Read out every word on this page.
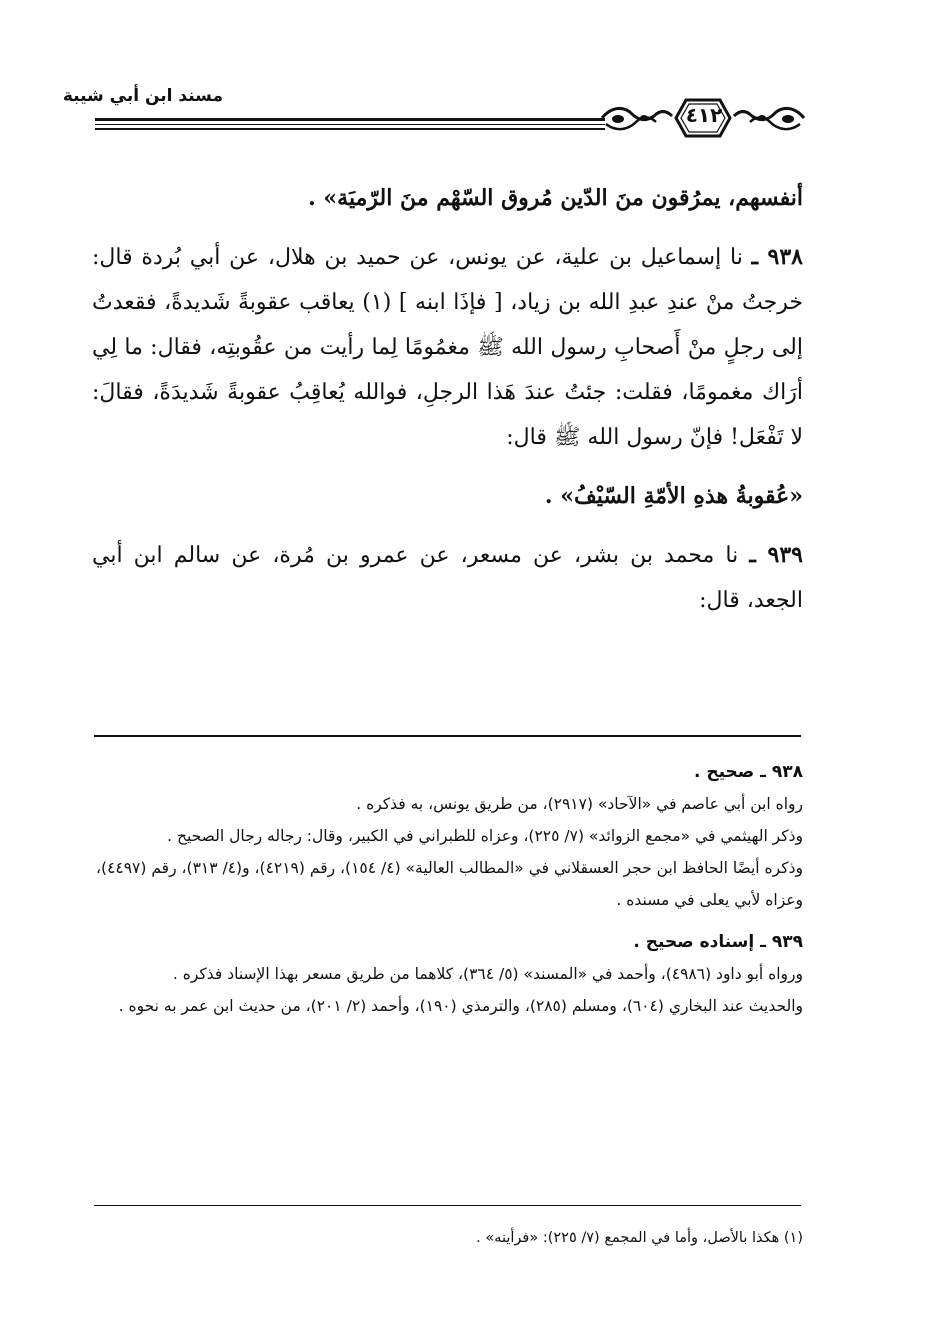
مسند ابن أبي شيبة
٤١٢

أنفسهم، يمرُقون منَ الدّين مُروق السّهْم منَ الرّميَة» .

٩٣٨ ـ نا إسماعيل بن علية، عن يونس، عن حميد بن هلال، عن أبي بُردة قال: خرجتُ منْ عندِ عبدِ الله بن زياد، [ فإذَا ابنه ] (١) يعاقب عقوبةً شَديدةً، فقعدتُ إلى رجلٍ منْ أَصحابِ رسول الله ﷺ مغمُومًا لِما رأيت من عقُوبتِه، فقال: ما لِي أرَاك مغمومًا، فقلت: جئتُ عندَ هَذا الرجلِ، فوالله يُعاقِبُ عقوبةً شَديدَةً، فقالَ: لا تَفْعَل! فإنّ رسول الله ﷺ قال:

«عُقوبةُ هذهِ الأمّةِ السّيْفُ» .

٩٣٩ ـ نا محمد بن بشر، عن مسعر، عن عمرو بن مُرة، عن سالم ابن أبي الجعد، قال:

٩٣٨ ـ صحيح .

رواه ابن أبي عاصم في «الآحاد» (٢٩١٧)، من طريق يونس، به فذكره .

وذكر الهيثمي في «مجمع الزوائد» (٧/ ٢٢٥)، وعزاه للطبراني في الكبير، وقال: رجاله رجال الصحيح .

وذكره أيضًا الحافظ ابن حجر العسقلاني في «المطالب العالية» (٤/ ١٥٤)، رقم (٤٢١٩)، و(٤/ ٣١٣)، رقم (٤٤٩٧)، وعزاه لأبي يعلى في مسنده .

٩٣٩ ـ إسناده صحيح .

ورواه أبو داود (٤٩٨٦)، وأحمد في «المسند» (٥/ ٣٦٤)، كلاهما من طريق مسعر بهذا الإسناد فذكره .

والحديث عند البخاري (٦٠٤)، ومسلم (٢٨٥)، والترمذي (١٩٠)، وأحمد (٢/ ٢٠١)، من حديث ابن عمر به نحوه .

(١) هكذا بالأصل، وأما في المجمع (٧/ ٢٢٥): «فرأينه» .
